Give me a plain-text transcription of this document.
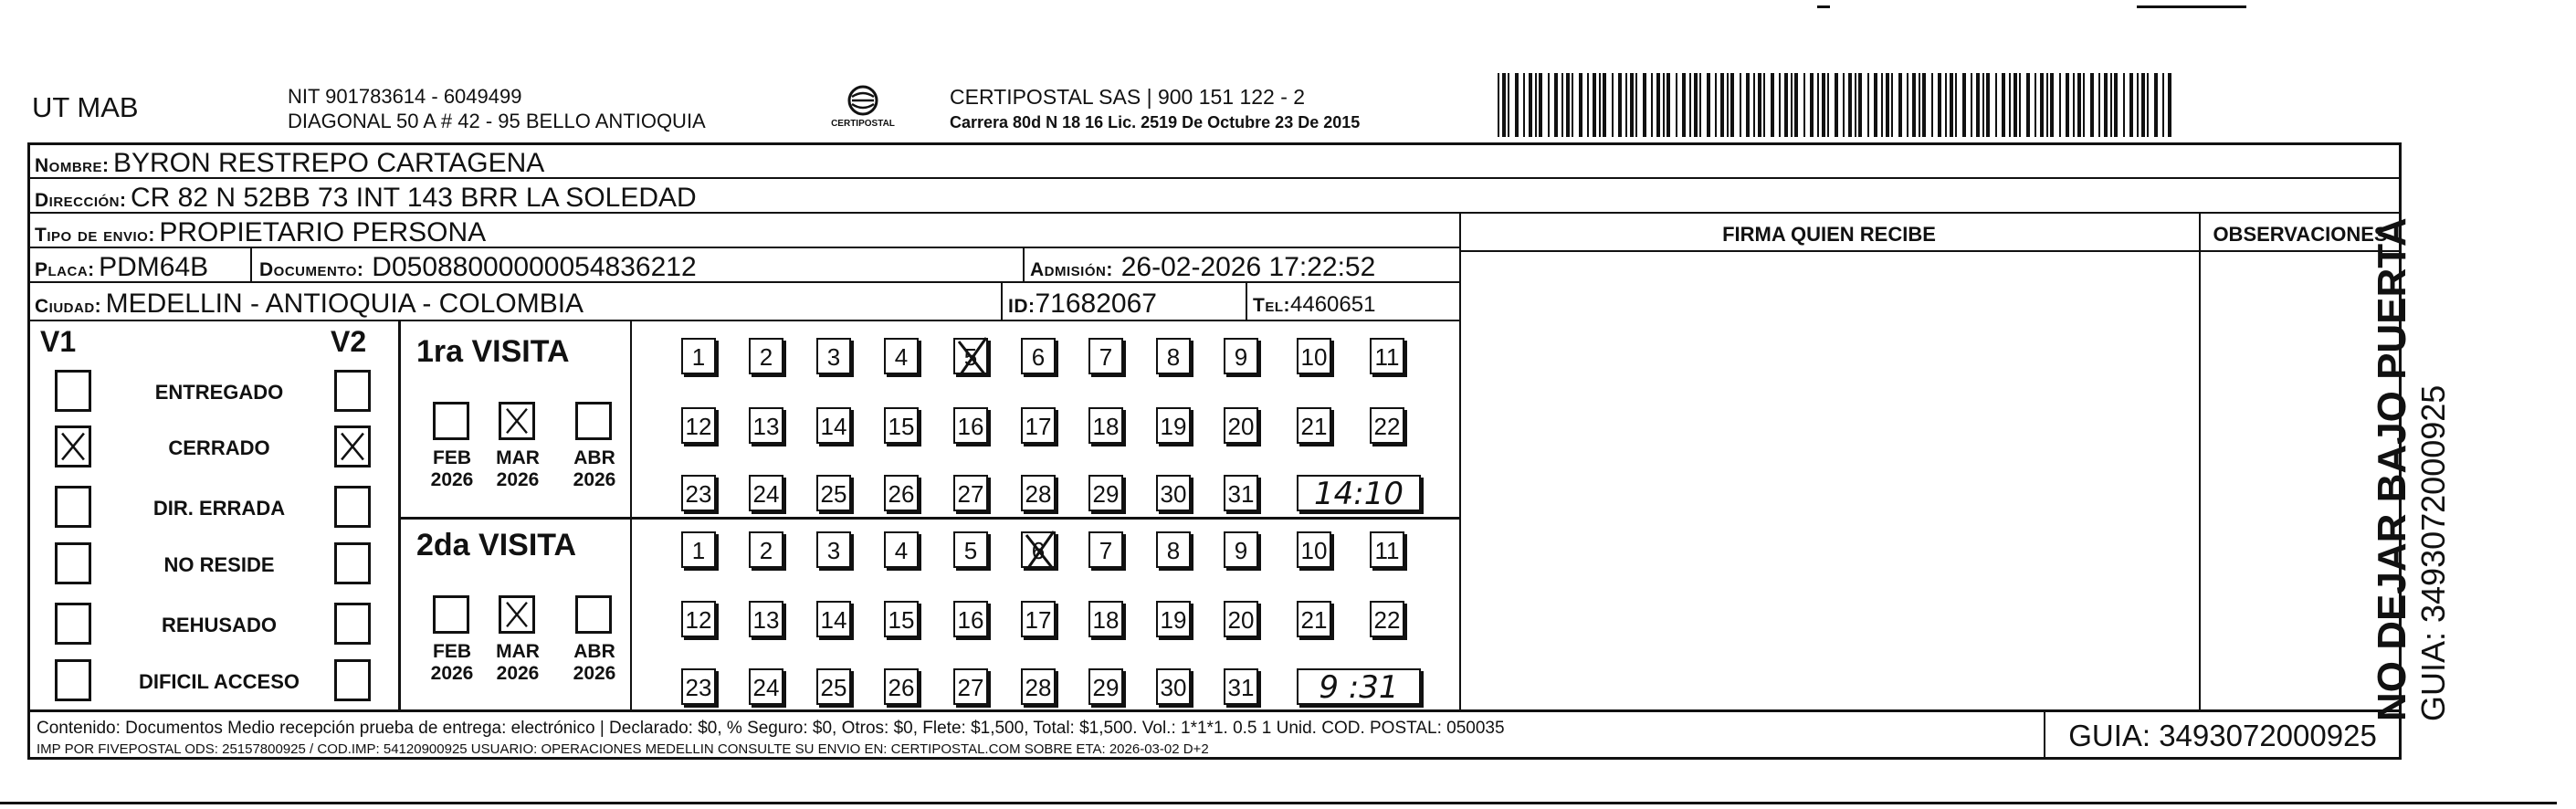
UT MAB	NIT 901783614 - 6049499
DIAGONAL 50 A # 42 - 95 BELLO ANTIOQUIA	CERTIPOSTAL
CERTIPOSTAL SAS | 900 151 122 - 2
Carrera 80d N 18 16 Lic. 2519 De Octubre 23 De 2015
Nombre: BYRON RESTREPO CARTAGENA
Dirección: CR 82 N 52BB 73 INT 143 BRR LA SOLEDAD
Tipo de envio: PROPIETARIO PERSONA
Placa: PDM64B	Documento: D05088000000054836212	Admisión: 26-02-2026 17:22:52
Ciudad: MEDELLIN - ANTIOQUIA - COLOMBIA	ID:71682067	Tel:4460651
FIRMA QUIEN RECIBE	OBSERVACIONES
V1	V2
ENTREGADO
CERRADO
DIR. ERRADA
NO RESIDE
REHUSADO
DIFICIL ACCESO
1ra VISITA
2da VISITA
FEB
2026
MAR
2026
ABR
2026
1	2	3	4	5	6	7	8	9	10 11
12 13 14 15 16 17 18 19 20 21 22
23 24 25 26 27 28 29 30 31	14:10
FEB
2026
MAR
2026
ABR
2026
1	2	3	4	5	6	7	8	9	10 11
12 13 14 15 16 17 18 19 20 21 22
23 24 25 26 27 28 29 30 31	9 :31
Contenido: Documentos Medio recepción prueba de entrega: electrónico | Declarado: $0, % Seguro: $0, Otros: $0, Flete: $1,500, Total: $1,500. Vol.: 1*1*1. 0.5 1 Unid. COD. POSTAL: 050035
IMP POR FIVEPOSTAL ODS: 25157800925 / COD.IMP: 54120900925 USUARIO: OPERACIONES MEDELLIN CONSULTE SU ENVIO EN: CERTIPOSTAL.COM SOBRE ETA: 2026-03-02 D+2	GUIA: 3493072000925
NO DEJAR BAJO PUERTA GUIA: 3493072000925
